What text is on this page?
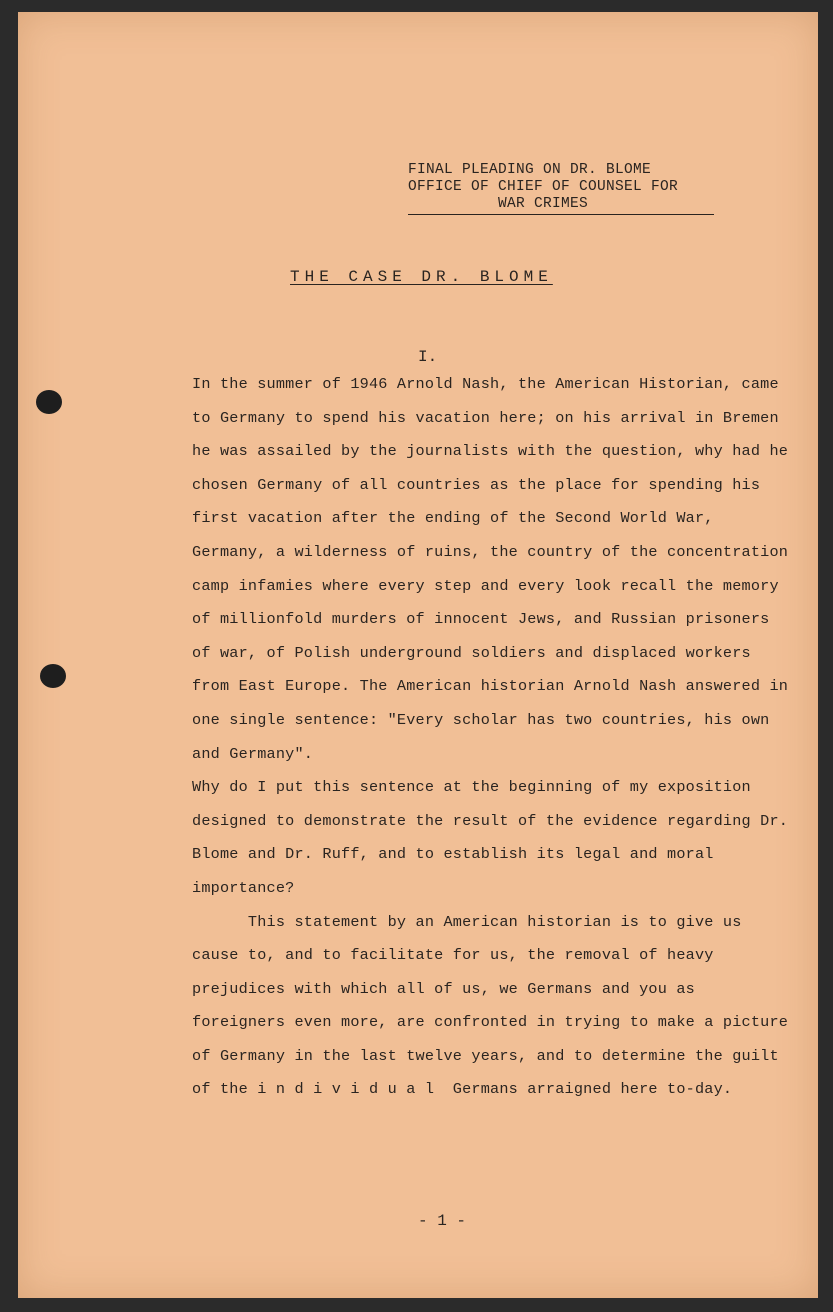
FINAL PLEADING ON DR. BLOME
OFFICE OF CHIEF OF COUNSEL FOR
WAR CRIMES
THE CASE DR. BLOME
I.

In the summer of 1946 Arnold Nash, the American Historian, came to Germany to spend his vacation here; on his arrival in Bremen he was assailed by the journalists with the question, why had he chosen Germany of all countries as the place for spending his first vacation after the ending of the Second World War, Germany, a wilderness of ruins, the country of the concentration camp infamies where every step and every look recall the memory of millionfold murders of innocent Jews, and Russian prisoners of war, of Polish underground soldiers and displaced workers from East Europe. The American historian Arnold Nash answered in one single sentence: "Every scholar has two countries, his own and Germany".

Why do I put this sentence at the beginning of my exposition designed to demonstrate the result of the evidence regarding Dr. Blome and Dr. Ruff, and to establish its legal and moral importance?

This statement by an American historian is to give us cause to, and to facilitate for us, the removal of heavy prejudices with which all of us, we Germans and you as foreigners even more, are confronted in trying to make a picture of Germany in the last twelve years, and to determine the guilt of the i n d i v i d u a l  Germans arraigned here to-day.

- 1 -
